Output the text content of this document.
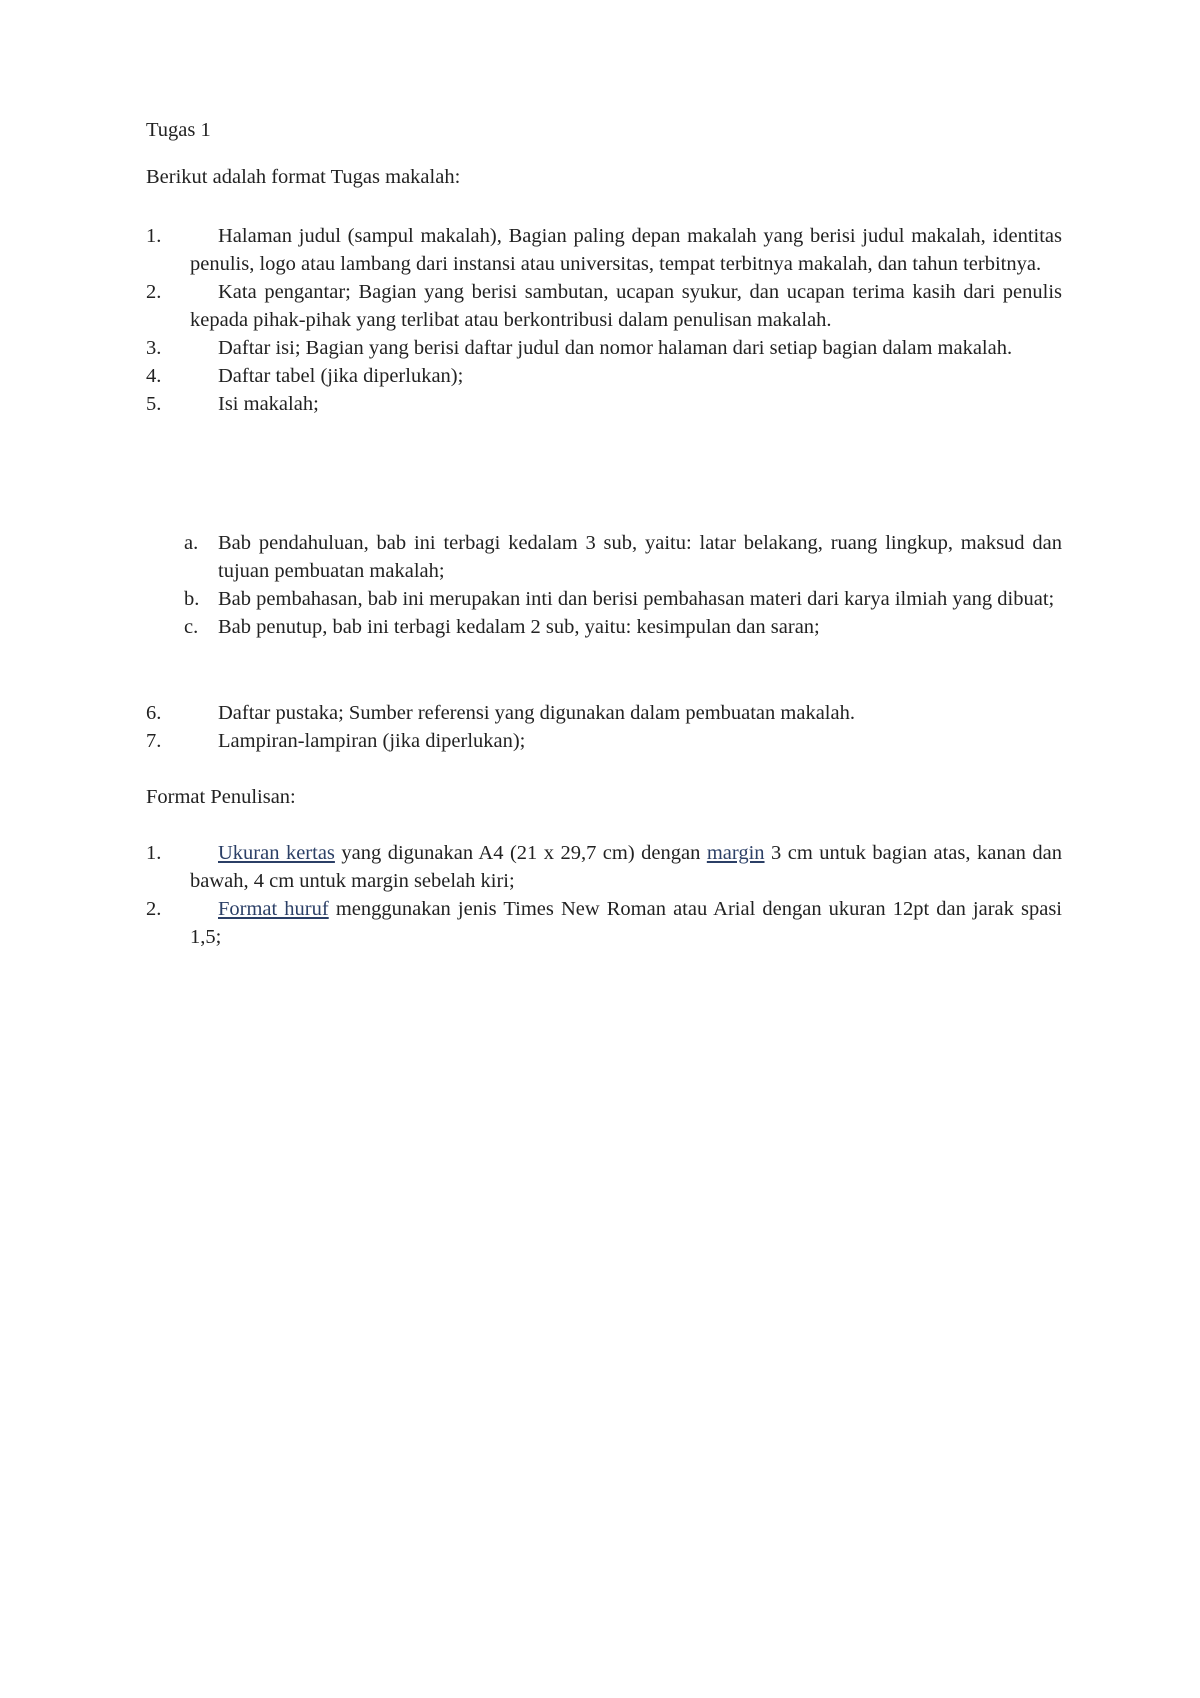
Tugas 1
Berikut adalah format Tugas makalah:
1.	Halaman judul (sampul makalah), Bagian paling depan makalah yang berisi judul makalah, identitas penulis, logo atau lambang dari instansi atau universitas, tempat terbitnya makalah, dan tahun terbitnya.
2.	Kata pengantar; Bagian yang berisi sambutan, ucapan syukur, dan ucapan terima kasih dari penulis kepada pihak-pihak yang terlibat atau berkontribusi dalam penulisan makalah.
3.	Daftar isi; Bagian yang berisi daftar judul dan nomor halaman dari setiap bagian dalam makalah.
4.	Daftar tabel (jika diperlukan);
5.	Isi makalah;
a. Bab pendahuluan, bab ini terbagi kedalam 3 sub, yaitu: latar belakang, ruang lingkup, maksud dan tujuan pembuatan makalah;
b. Bab pembahasan, bab ini merupakan inti dan berisi pembahasan materi dari karya ilmiah yang dibuat;
c. Bab penutup, bab ini terbagi kedalam 2 sub, yaitu: kesimpulan dan saran;
6.	Daftar pustaka; Sumber referensi yang digunakan dalam pembuatan makalah.
7.	Lampiran-lampiran (jika diperlukan);
Format Penulisan:
1.	Ukuran kertas yang digunakan A4 (21 x 29,7 cm) dengan margin 3 cm untuk bagian atas, kanan dan bawah, 4 cm untuk margin sebelah kiri;
2.	Format huruf menggunakan jenis Times New Roman atau Arial dengan ukuran 12pt dan jarak spasi 1,5;
